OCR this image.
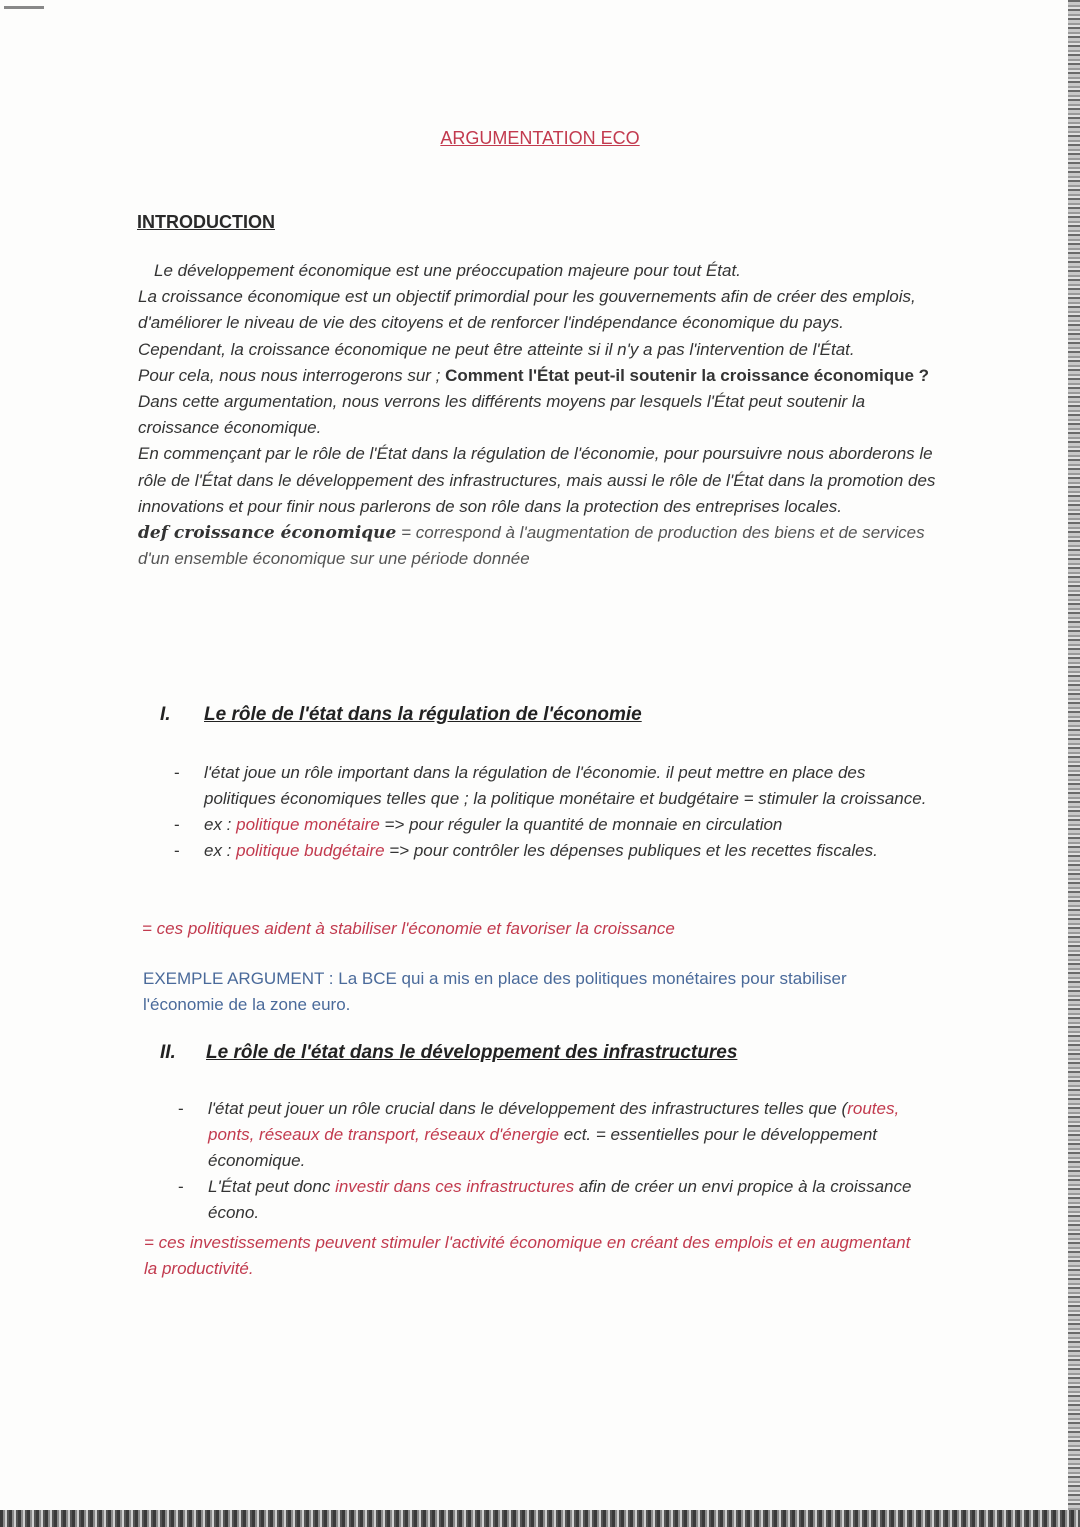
ARGUMENTATION ECO
INTRODUCTION

Le développement économique est une préoccupation majeure pour tout État.

La croissance économique est un objectif primordial pour les gouvernements afin de créer des emplois, d'améliorer le niveau de vie des citoyens et de renforcer l'indépendance économique du pays.

Cependant, la croissance économique ne peut être atteinte si il n'y a pas l'intervention de l'État.

Pour cela, nous nous interrogerons sur ; Comment l'État peut-il soutenir la croissance économique ?

Dans cette argumentation, nous verrons les différents moyens par lesquels l'État peut soutenir la croissance économique.

En commençant par le rôle de l'État dans la régulation de l'économie, pour poursuivre nous aborderons le rôle de l'État dans le développement des infrastructures, mais aussi le rôle de l'État dans la promotion des innovations et pour finir nous parlerons de son rôle dans la protection des entreprises locales.

def croissance économique = correspond à l'augmentation de production des biens et de services d'un ensemble économique sur une période donnée

I. Le rôle de l'état dans la régulation de l'économie
- l'état joue un rôle important dans la régulation de l'économie. il peut mettre en place des politiques économiques telles que ; la politique monétaire et budgétaire = stimuler la croissance.
- ex : politique monétaire => pour réguler la quantité de monnaie en circulation
- ex : politique budgétaire => pour contrôler les dépenses publiques et les recettes fiscales.
= ces politiques aident à stabiliser l'économie et favoriser la croissance
EXEMPLE ARGUMENT : La BCE qui a mis en place des politiques monétaires pour stabiliser l'économie de la zone euro.
II. Le rôle de l'état dans le développement des infrastructures
- l'état peut jouer un rôle crucial dans le développement des infrastructures telles que (routes, ponts, réseaux de transport, réseaux d'énergie ect. = essentielles pour le développement économique.
- L'État peut donc investir dans ces infrastructures afin de créer un envi propice à la croissance écono.
= ces investissements peuvent stimuler l'activité économique en créant des emplois et en augmentant la productivité.
